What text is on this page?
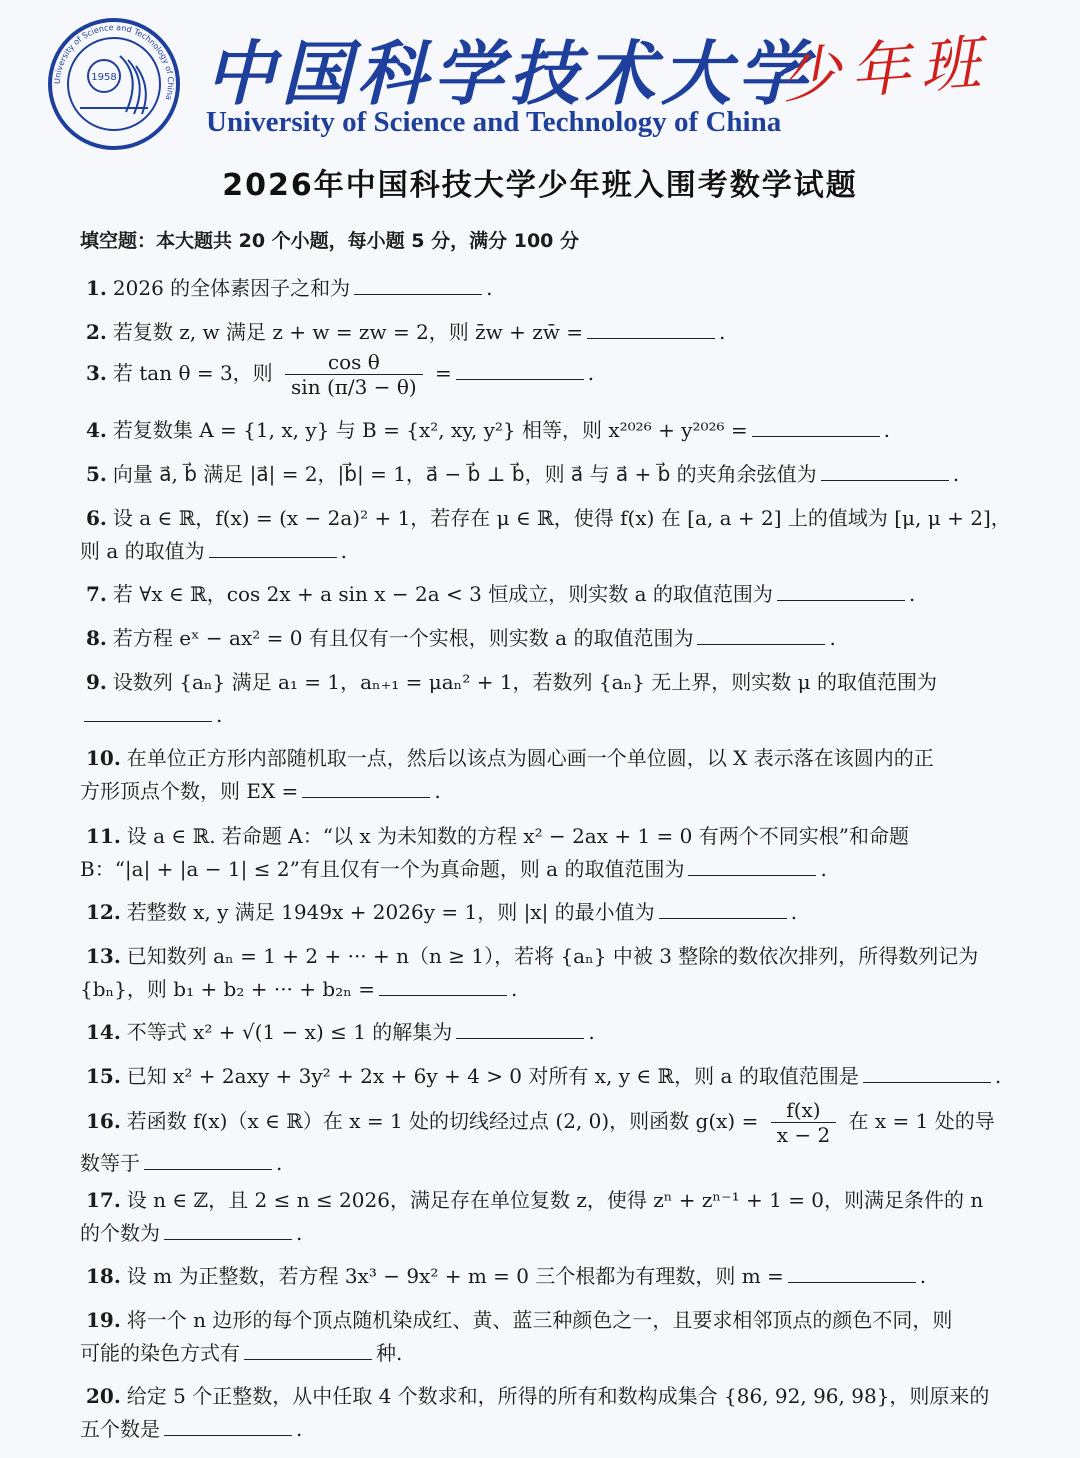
University of Science and Technology of China
1958 中国科学技术大学
University of Science and Technology of China
少年班
2026年中国科技大学少年班入围考数学试题
填空题：本大题共 20 个小题，每小题 5 分，满分 100 分
1. 2026 的全体素因子之和为	.
2. 若复数 z, w 满足 z + w = zw = 2，则 z̄w + zw̄ =	.
3. 若 tan θ = 3，则 $\frac{\text{cos θ}}{\sin (\pi/3 - \theta)}$ =	.
4. 若复数集 A = {1, x, y} 与 B = {x², xy, y²} 相等，则 x²⁰²⁶ + y²⁰²⁶ =	.
5. 向量 a⃗, b⃗ 满足 |a⃗| = 2，|b⃗| = 1，a⃗ − b⃗ ⊥ b⃗，则 a⃗ 与 a⃗ + b⃗ 的夹角余弦值为	.
6. 设 a ∈ ℝ，f(x) = (x − 2a)² + 1，若存在 μ ∈ ℝ，使得 f(x) 在 [a, a + 2] 上的值域为 [μ, μ + 2]，
则 a 的取值为	.
7. 若 ∀x ∈ ℝ，cos 2x + a sin x − 2a < 3 恒成立，则实数 a 的取值范围为	.
8. 若方程 eˣ − ax² = 0 有且仅有一个实根，则实数 a 的取值范围为	.
9. 设数列 {aₙ} 满足 a₁ = 1，aₙ₊₁ = μaₙ² + 1，若数列 {aₙ} 无上界，则实数 μ 的取值范围为
.
10. 在单位正方形内部随机取一点，然后以该点为圆心画一个单位圆，以 X 表示落在该圆内的正
方形顶点个数，则 EX =	.
11. 设 a ∈ ℝ. 若命题 A：“以 x 为未知数的方程 x² − 2ax + 1 = 0 有两个不同实根”和命题
B：“|a| + |a − 1| ≤ 2”有且仅有一个为真命题，则 a 的取值范围为	.
12. 若整数 x, y 满足 1949x + 2026y = 1，则 |x| 的最小值为	.
13. 已知数列 aₙ = 1 + 2 + ··· + n（n ≥ 1），若将 {aₙ} 中被 3 整除的数依次排列，所得数列记为
{bₙ}，则 b₁ + b₂ + ··· + b₂ₙ =	.
14. 不等式 x² + √(1 − x) ≤ 1 的解集为	.
15. 已知 x² + 2axy + 3y² + 2x + 6y + 4 > 0 对所有 x, y ∈ ℝ，则 a 的取值范围是	.
16. 若函数 f(x)（x ∈ ℝ）在 x = 1 处的切线经过点 (2, 0)，则函数 $g(x) = \frac{f(x)}{x - 2}$ 在 x = 1 处的导
数等于	.
17. 设 n ∈ ℤ，且 2 ≤ n ≤ 2026，满足存在单位复数 z，使得 zⁿ + zⁿ⁻¹ + 1 = 0，则满足条件的 n
的个数为	.
18. 设 m 为正整数，若方程 3x³ − 9x² + m = 0 三个根都为有理数，则 m =	.
19. 将一个 n 边形的每个顶点随机染成红、黄、蓝三种颜色之一，且要求相邻顶点的颜色不同，则
可能的染色方式有	种.
20. 给定 5 个正整数，从中任取 4 个数求和，所得的所有和数构成集合 {86, 92, 96, 98}，则原来的
五个数是	.
